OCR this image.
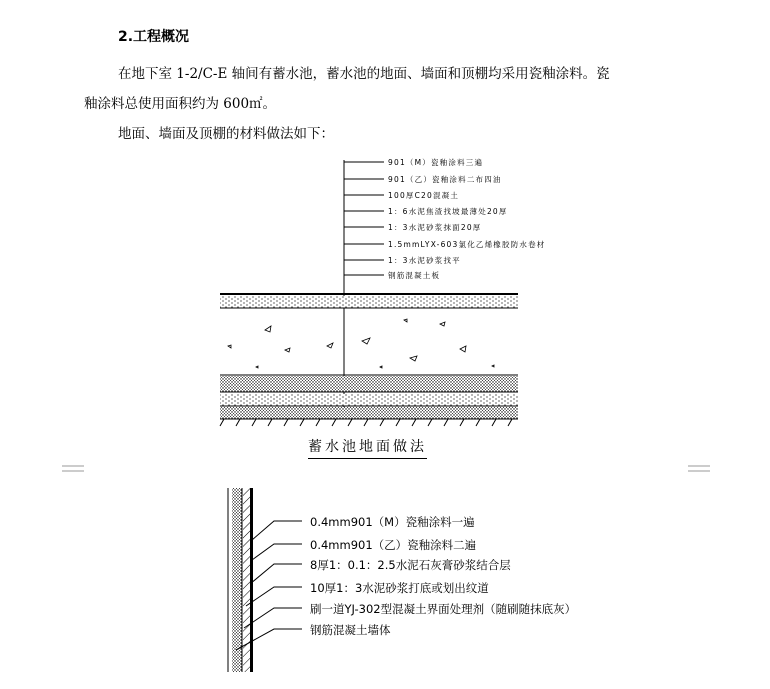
2.工程概况
在地下室 1-2/C-E 轴间有蓄水池，蓄水池的地面、墙面和顶棚均采用瓷釉涂料。瓷
釉涂料总使用面积约为 600㎡。
地面、墙面及顶棚的材料做法如下：
901（M）瓷釉涂料三遍
901（乙）瓷釉涂料二布四油
100厚C20混凝土
1：6水泥焦渣找坡最薄处20厚
1：3水泥砂浆抹面20厚
1.5mmLYX-603氯化乙烯橡胶防水卷材
1：3水泥砂浆找平
钢筋混凝土板
蓄水池地面做法
0.4mm901（M）瓷釉涂料一遍
0.4mm901（乙）瓷釉涂料二遍
8厚1：0.1：2.5水泥石灰膏砂浆结合层
10厚1：3水泥砂浆打底或划出纹道
刷一道YJ-302型混凝土界面处理剂（随刷随抹底灰）
钢筋混凝土墙体
